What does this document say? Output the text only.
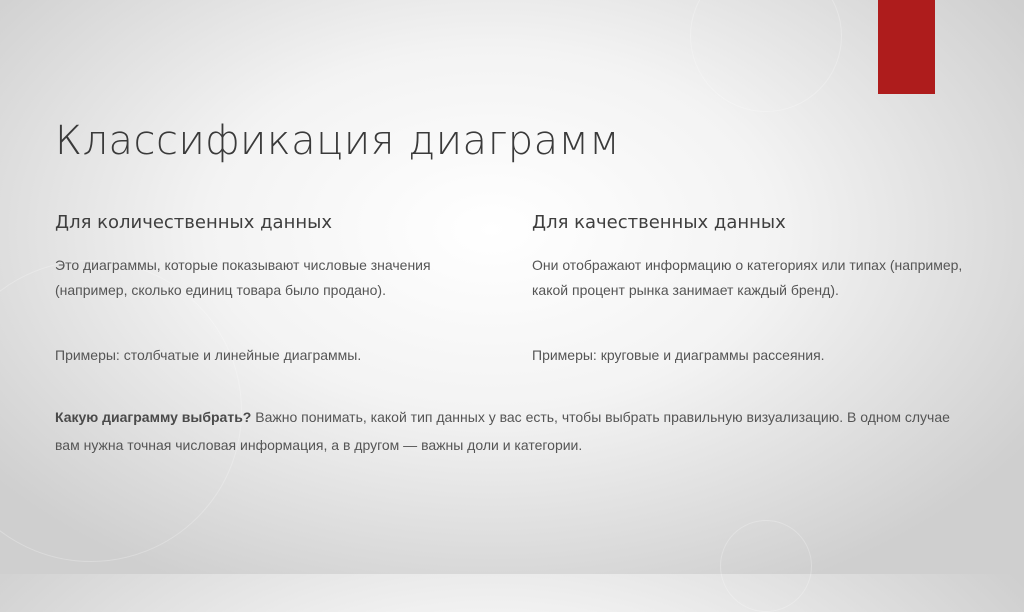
Классификация диаграмм
Для количественных данных

Это диаграммы, которые показывают числовые значения (например, сколько единиц товара было продано).

Примеры: столбчатые и линейные диаграммы.

Для качественных данных

Они отображают информацию о категориях или типах (например, какой процент рынка занимает каждый бренд).

Примеры: круговые и диаграммы рассеяния.

Какую диаграмму выбрать? Важно понимать, какой тип данных у вас есть, чтобы выбрать правильную визуализацию. В одном случае вам нужна точная числовая информация, а в другом — важны доли и категории.
